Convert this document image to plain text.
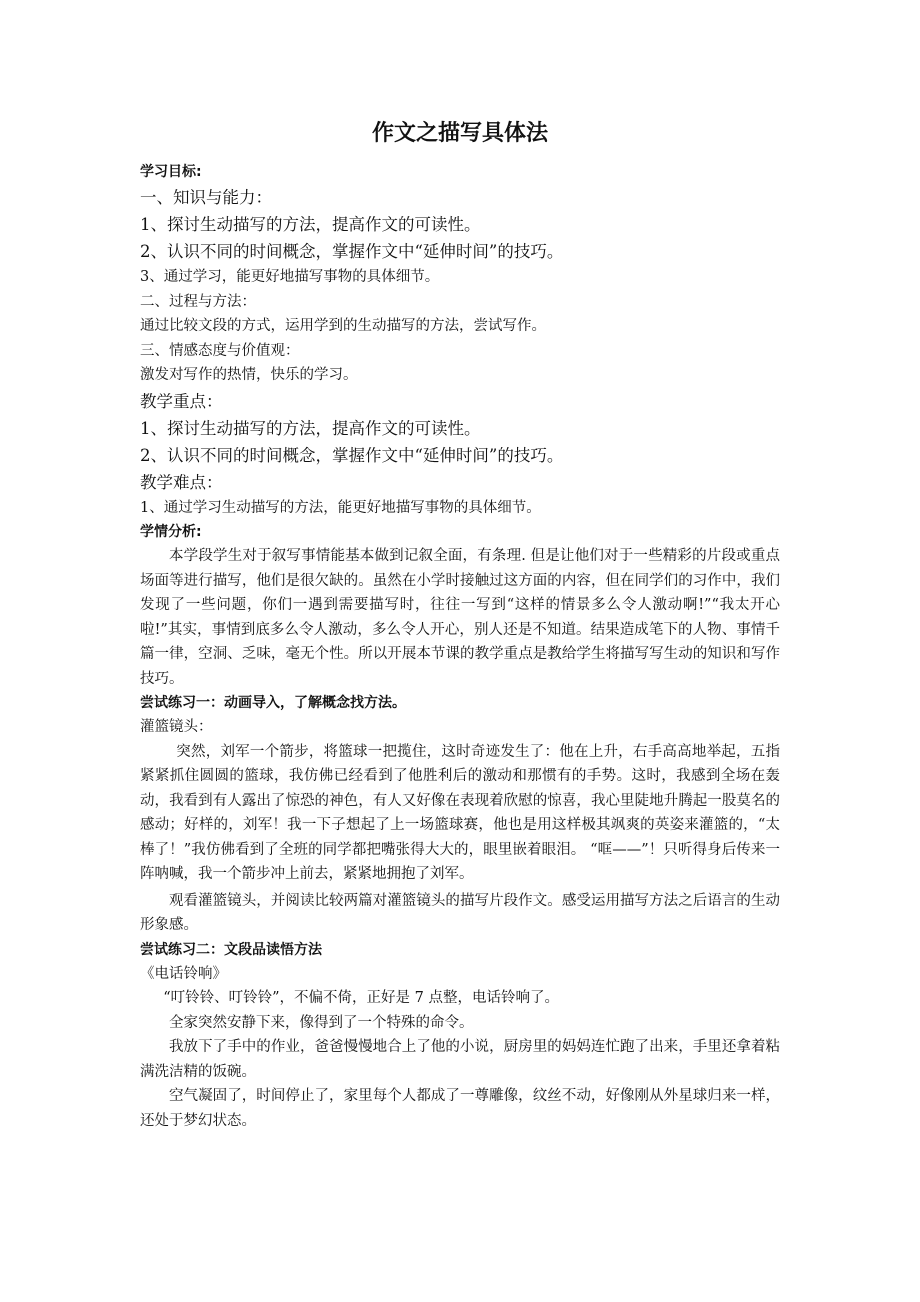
作文之描写具体法
学习目标:
一、知识与能力：
1、探讨生动描写的方法，提高作文的可读性。
2、认识不同的时间概念，掌握作文中“延伸时间”的技巧。
3、通过学习，能更好地描写事物的具体细节。
二、过程与方法：
通过比较文段的方式，运用学到的生动描写的方法，尝试写作。
三、情感态度与价值观：
激发对写作的热情，快乐的学习。
教学重点：
1、探讨生动描写的方法，提高作文的可读性。
2、认识不同的时间概念，掌握作文中“延伸时间”的技巧。
教学难点：
1、通过学习生动描写的方法，能更好地描写事物的具体细节。
学情分析:
本学段学生对于叙写事情能基本做到记叙全面，有条理. 但是让他们对于一些精彩的片段或重点场面等进行描写，他们是很欠缺的。虽然在小学时接触过这方面的内容，但在同学们的习作中，我们发现了一些问题，你们一遇到需要描写时，往往一写到“这样的情景多么令人激动啊!”“我太开心啦!”其实，事情到底多么令人激动，多么令人开心，别人还是不知道。结果造成笔下的人物、事情千篇一律，空洞、乏味，毫无个性。所以开展本节课的教学重点是教给学生将描写写生动的知识和写作技巧。
尝试练习一：动画导入，了解概念找方法。
灌篮镜头：
突然，刘军一个箭步，将篮球一把揽住，这时奇迹发生了：他在上升，右手高高地举起，五指紧紧抓住圆圆的篮球，我仿佛已经看到了他胜利后的激动和那惯有的手势。这时，我感到全场在轰动，我看到有人露出了惊恐的神色，有人又好像在表现着欣慰的惊喜，我心里陡地升腾起一股莫名的感动；好样的，刘军！我一下子想起了上一场篮球赛，他也是用这样极其飒爽的英姿来灌篮的，“太棒了！”我仿佛看到了全班的同学都把嘴张得大大的，眼里嵌着眼泪。 “哐——”！只听得身后传来一阵呐喊，我一个箭步冲上前去，紧紧地拥抱了刘军。
观看灌篮镜头，并阅读比较两篇对灌篮镜头的描写片段作文。感受运用描写方法之后语言的生动形象感。
尝试练习二：文段品读悟方法
《电话铃响》
“叮铃铃、叮铃铃”，不偏不倚，正好是 7 点整，电话铃响了。
全家突然安静下来，像得到了一个特殊的命令。
我放下了手中的作业，爸爸慢慢地合上了他的小说，厨房里的妈妈连忙跑了出来，手里还拿着粘满洗洁精的饭碗。
空气凝固了，时间停止了，家里每个人都成了一尊雕像，纹丝不动，好像刚从外星球归来一样，还处于梦幻状态。
